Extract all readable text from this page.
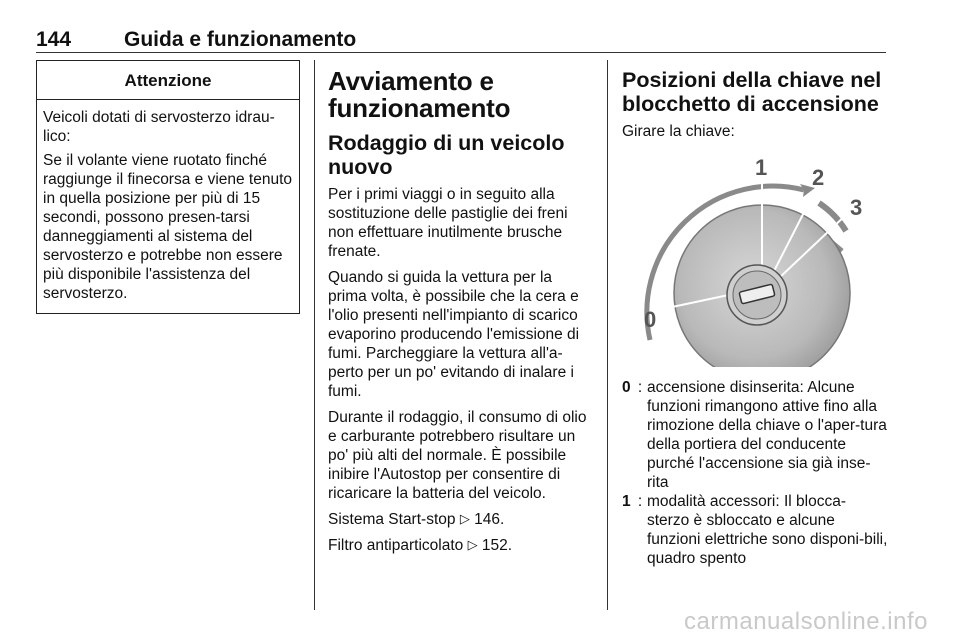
144	Guida e funzionamento
Attenzione

Veicoli dotati di servosterzo idrau-lico:

Se il volante viene ruotato finché raggiunge il finecorsa e viene tenuto in quella posizione per più di 15 secondi, possono presen-tarsi danneggiamenti al sistema del servosterzo e potrebbe non essere più disponibile l'assistenza del servosterzo.

Avviamento e funzionamento
Rodaggio di un veicolo nuovo

Per i primi viaggi o in seguito alla sostituzione delle pastiglie dei freni non effettuare inutilmente brusche frenate.

Quando si guida la vettura per la prima volta, è possibile che la cera e l'olio presenti nell'impianto di scarico evaporino producendo l'emissione di fumi. Parcheggiare la vettura all'a-perto per un po' evitando di inalare i fumi.

Durante il rodaggio, il consumo di olio e carburante potrebbero risultare un po' più alti del normale. È possibile inibire l'Autostop per consentire di ricaricare la batteria del veicolo.

Sistema Start-stop ▷ 146.

Filtro antiparticolato ▷ 152.

Posizioni della chiave nel blocchetto di accensione

Girare la chiave:

1 2
3
0
0 : accensione disinserita: Alcune funzioni rimangono attive fino alla rimozione della chiave o l'aper-tura della portiera del conducente purché l'accensione sia già inse-rita
1 : modalità accessori: Il blocca-sterzo è sbloccato e alcune funzioni elettriche sono disponi-bili, quadro spento
carmanualsonline.info
